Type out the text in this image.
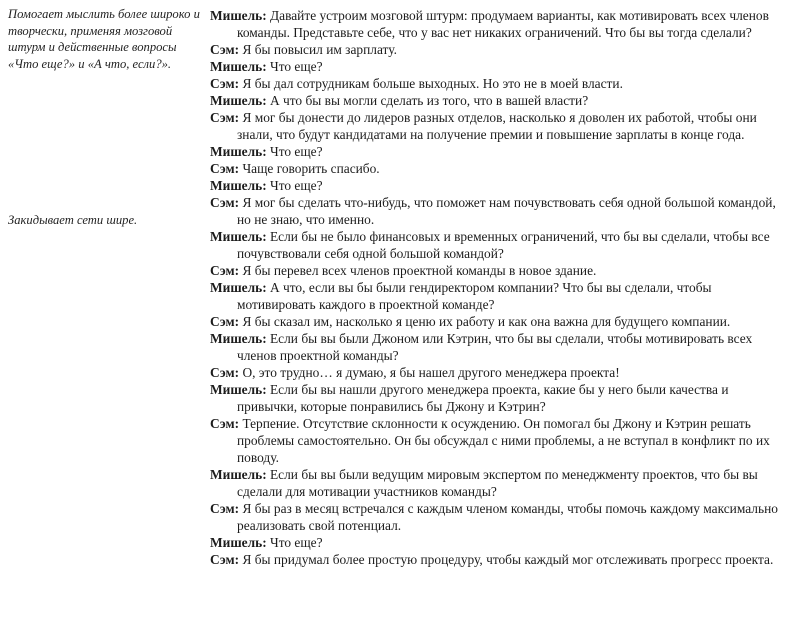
Помогает мыслить более широко и творчески, применяя мозговой штурм и действенные вопросы «Что еще?» и «А что, если?».

Закидывает сети шире.

Мишель: Давайте устроим мозговой штурм: продумаем варианты, как мотивировать всех членов команды. Представьте себе, что у вас нет никаких ограничений. Что бы вы тогда сделали?

Сэм: Я бы повысил им зарплату.

Мишель: Что еще?

Сэм: Я бы дал сотрудникам больше выходных. Но это не в моей власти.

Мишель: А что бы вы могли сделать из того, что в вашей власти?

Сэм: Я мог бы донести до лидеров разных отделов, насколько я доволен их работой, чтобы они знали, что будут кандидатами на получение премии и повышение зарплаты в конце года.

Мишель: Что еще?

Сэм: Чаще говорить спасибо.

Мишель: Что еще?

Сэм: Я мог бы сделать что-нибудь, что поможет нам почувствовать себя одной большой командой, но не знаю, что именно.

Мишель: Если бы не было финансовых и временных ограничений, что бы вы сделали, чтобы все почувствовали себя одной большой командой?

Сэм: Я бы перевел всех членов проектной команды в новое здание.

Мишель: А что, если вы бы были гендиректором компании? Что бы вы сделали, чтобы мотивировать каждого в проектной команде?

Сэм: Я бы сказал им, насколько я ценю их работу и как она важна для будущего компании.

Мишель: Если бы вы были Джоном или Кэтрин, что бы вы сделали, чтобы мотивировать всех членов проектной команды?

Сэм: О, это трудно… я думаю, я бы нашел другого менеджера проекта!

Мишель: Если бы вы нашли другого менеджера проекта, какие бы у него были качества и привычки, которые понравились бы Джону и Кэтрин?

Сэм: Терпение. Отсутствие склонности к осуждению. Он помогал бы Джону и Кэтрин решать проблемы самостоятельно. Он бы обсуждал с ними проблемы, а не вступал в конфликт по их поводу.

Мишель: Если бы вы были ведущим мировым экспертом по менеджменту проектов, что бы вы сделали для мотивации участников команды?

Сэм: Я бы раз в месяц встречался с каждым членом команды, чтобы помочь каждому максимально реализовать свой потенциал.

Мишель: Что еще?

Сэм: Я бы придумал более простую процедуру, чтобы каждый мог отслеживать прогресс проекта.
